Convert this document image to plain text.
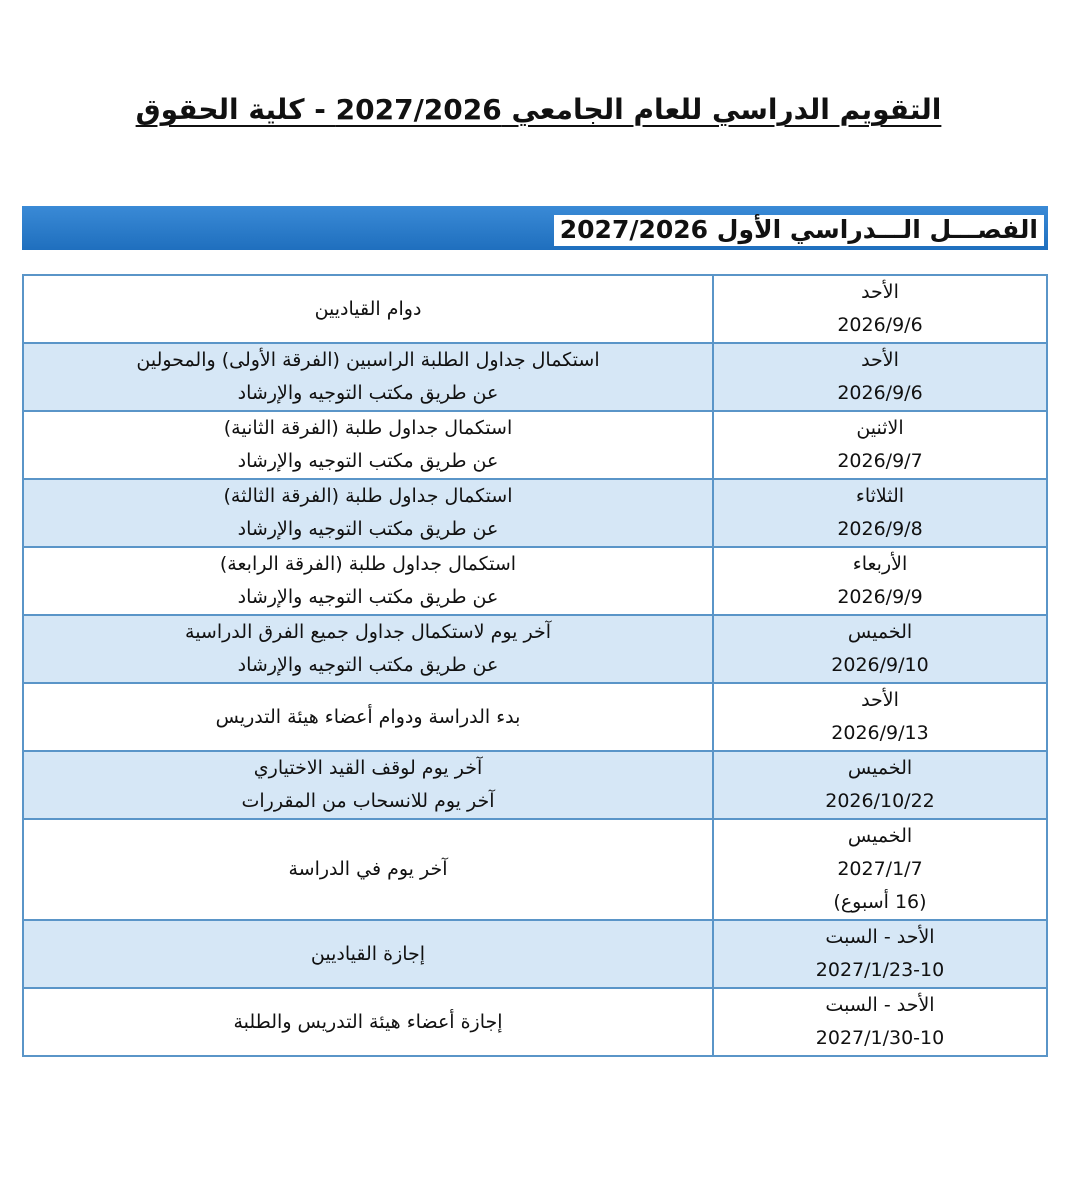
التقويم الدراسي للعام الجامعي 2027/2026 - كلية الحقوق
الفصـــل الـــدراسي الأول 2027/2026
الأحد
2026/9/6	دوام القياديين

الأحد
2026/9/6	استكمال جداول الطلبة الراسبين (الفرقة الأولى) والمحولين
عن طريق مكتب التوجيه والإرشاد

الاثنين
2026/9/7	استكمال جداول طلبة (الفرقة الثانية)
عن طريق مكتب التوجيه والإرشاد

الثلاثاء
2026/9/8	استكمال جداول طلبة (الفرقة الثالثة)
عن طريق مكتب التوجيه والإرشاد

الأربعاء
2026/9/9	استكمال جداول طلبة (الفرقة الرابعة)
عن طريق مكتب التوجيه والإرشاد

الخميس
2026/9/10	آخر يوم لاستكمال جداول جميع الفرق الدراسية
عن طريق مكتب التوجيه والإرشاد

الأحد
2026/9/13	بدء الدراسة ودوام أعضاء هيئة التدريس

الخميس
2026/10/22	آخر يوم لوقف القيد الاختياري
آخر يوم للانسحاب من المقررات

الخميس
2027/1/7
(16 أسبوع)	آخر يوم في الدراسة

الأحد - السبت
2027/1/23-10	إجازة القياديين

الأحد - السبت
2027/1/30-10	إجازة أعضاء هيئة التدريس والطلبة
